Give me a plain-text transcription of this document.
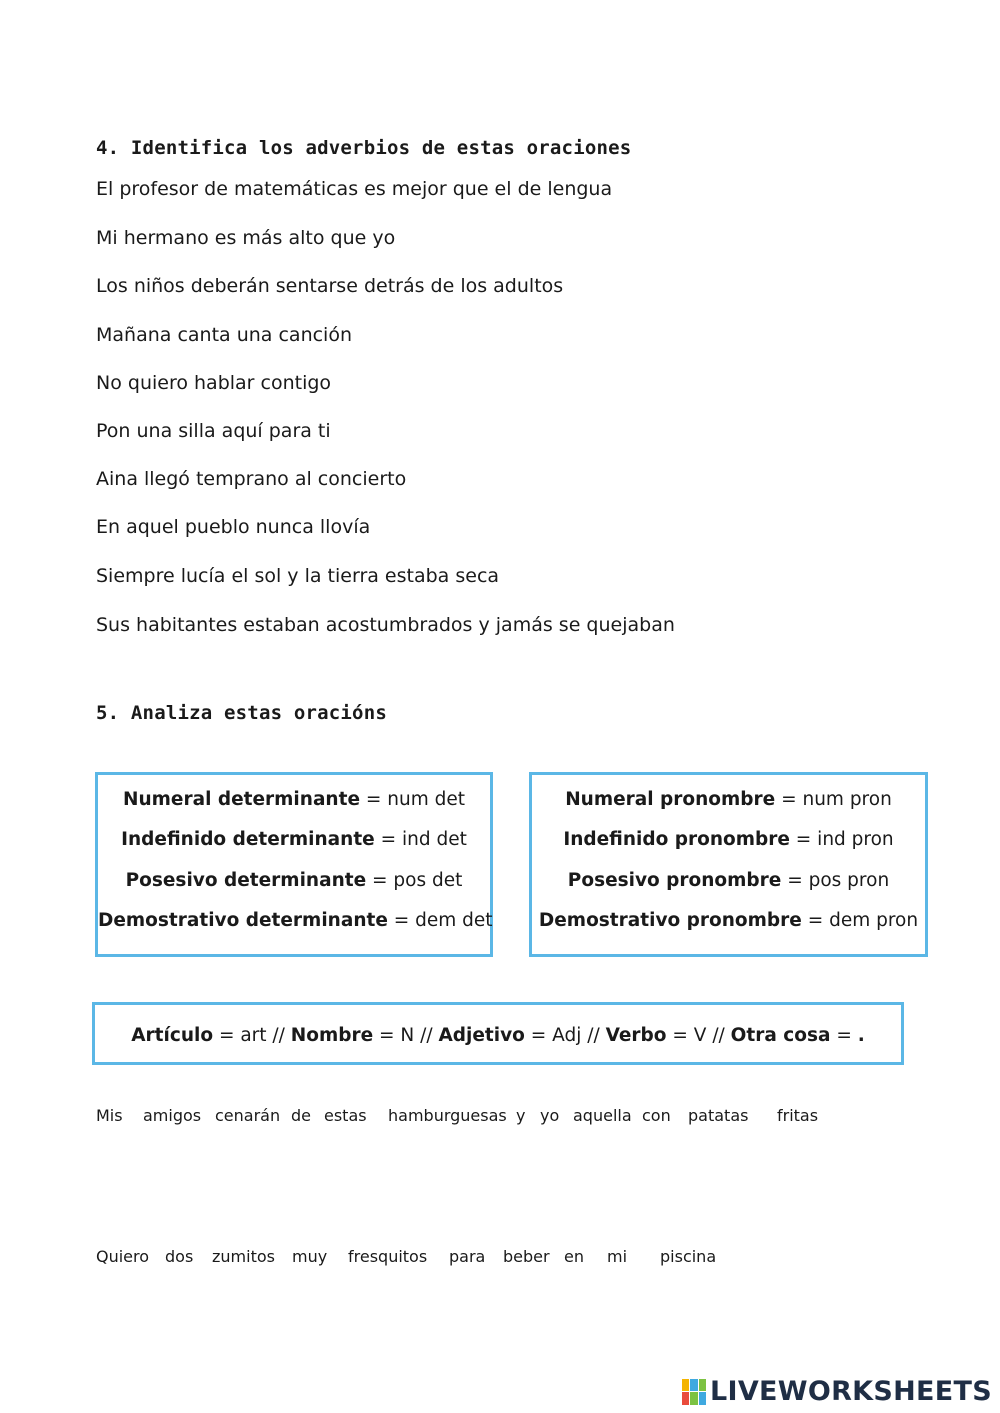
4. Identifica los adverbios de estas oraciones
El profesor de matemáticas es mejor que el de lengua
Mi hermano es más alto que yo
Los niños deberán sentarse detrás de los adultos
Mañana canta una canción
No quiero hablar contigo
Pon una silla aquí para ti
Aina llegó temprano al concierto
En aquel pueblo nunca llovía
Siempre lucía el sol y la tierra estaba seca
Sus habitantes estaban acostumbrados y jamás se quejaban
5. Analiza estas oracións
Numeral determinante = num det
Indefinido determinante = ind det
Posesivo determinante = pos det
Demostrativo determinante = dem det
Numeral pronombre = num pron
Indefinido pronombre = ind pron
Posesivo pronombre = pos pron
Demostrativo pronombre = dem pron
Artículo = art // Nombre = N // Adjetivo = Adj // Verbo = V // Otra cosa = .
Mis amigos cenarán de estas hamburguesas y yo aquella con patatas fritas
Quiero dos zumitos muy fresquitos para beber en mi piscina
LIVEWORKSHEETS
